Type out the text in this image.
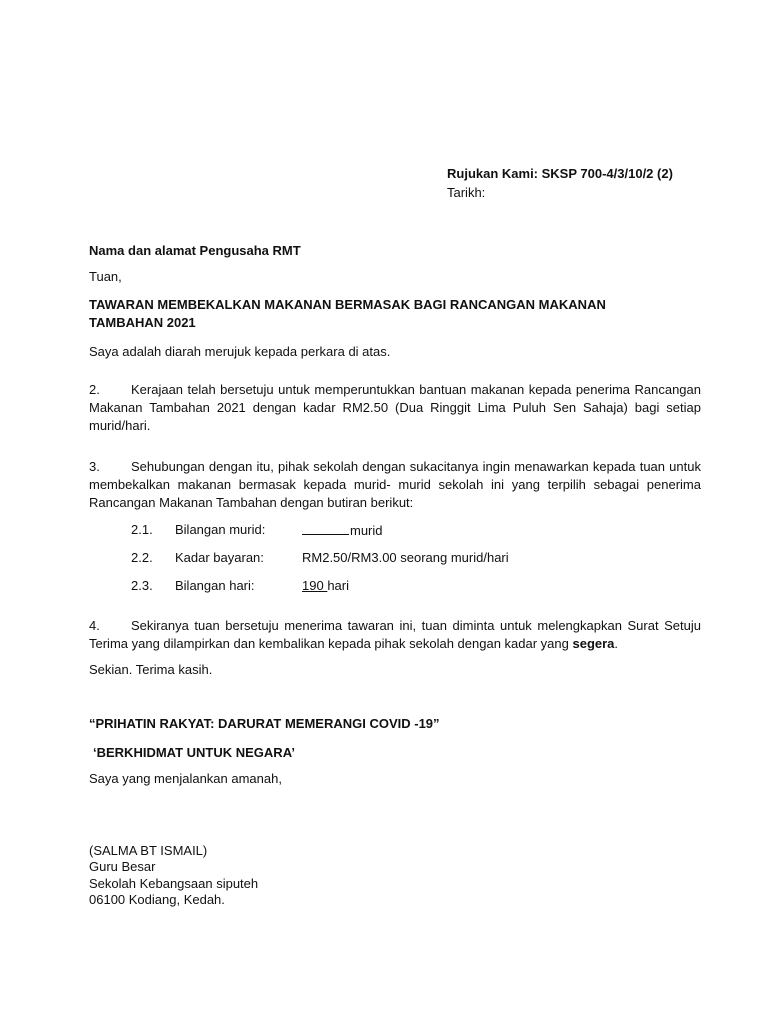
Rujukan Kami: SKSP 700-4/3/10/2 (2)
Tarikh:
Nama dan alamat Pengusaha RMT
Tuan,
TAWARAN MEMBEKALKAN MAKANAN BERMASAK BAGI RANCANGAN MAKANAN
TAMBAHAN 2021
Saya adalah diarah merujuk kepada perkara di atas.
2. Kerajaan telah bersetuju untuk memperuntukkan bantuan makanan kepada penerima Rancangan Makanan Tambahan 2021 dengan kadar RM2.50 (Dua Ringgit Lima Puluh Sen Sahaja) bagi setiap murid/hari.
3. Sehubungan dengan itu, pihak sekolah dengan sukacitanya ingin menawarkan kepada tuan untuk membekalkan makanan bermasak kepada murid- murid sekolah ini yang terpilih sebagai penerima Rancangan Makanan Tambahan dengan butiran berikut:
2.1. Bilangan murid:	murid
2.2. Kadar bayaran:	RM2.50/RM3.00 seorang murid/hari
2.3. Bilangan hari:	190 hari
4. Sekiranya tuan bersetuju menerima tawaran ini, tuan diminta untuk melengkapkan Surat Setuju Terima yang dilampirkan dan kembalikan kepada pihak sekolah dengan kadar yang segera.
Sekian. Terima kasih.
“PRIHATIN RAKYAT: DARURAT MEMERANGI COVID -19”
‘BERKHIDMAT UNTUK NEGARA’
Saya yang menjalankan amanah,
(SALMA BT ISMAIL)
Guru Besar
Sekolah Kebangsaan siputeh
06100 Kodiang, Kedah.
